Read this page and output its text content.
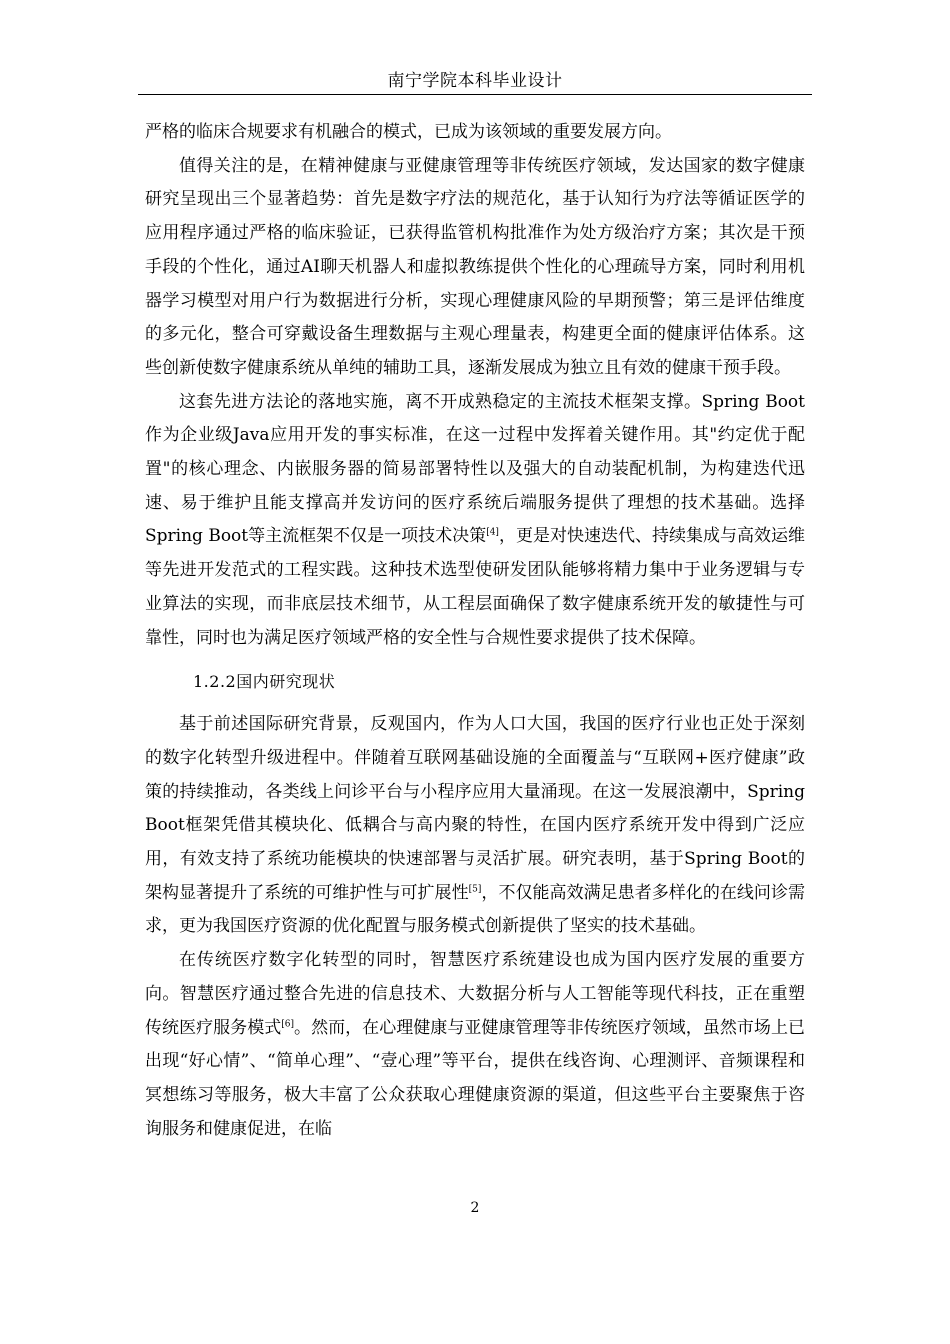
南宁学院本科毕业设计

严格的临床合规要求有机融合的模式，已成为该领域的重要发展方向。

值得关注的是，在精神健康与亚健康管理等非传统医疗领域，发达国家的数字健康研究呈现出三个显著趋势：首先是数字疗法的规范化，基于认知行为疗法等循证医学的应用程序通过严格的临床验证，已获得监管机构批准作为处方级治疗方案；其次是干预手段的个性化，通过AI聊天机器人和虚拟教练提供个性化的心理疏导方案，同时利用机器学习模型对用户行为数据进行分析，实现心理健康风险的早期预警；第三是评估维度的多元化，整合可穿戴设备生理数据与主观心理量表，构建更全面的健康评估体系。这些创新使数字健康系统从单纯的辅助工具，逐渐发展成为独立且有效的健康干预手段。

这套先进方法论的落地实施，离不开成熟稳定的主流技术框架支撑。Spring Boot作为企业级Java应用开发的事实标准，在这一过程中发挥着关键作用。其"约定优于配置"的核心理念、内嵌服务器的简易部署特性以及强大的自动装配机制，为构建迭代迅速、易于维护且能支撑高并发访问的医疗系统后端服务提供了理想的技术基础。选择Spring Boot等主流框架不仅是一项技术决策[4]，更是对快速迭代、持续集成与高效运维等先进开发范式的工程实践。这种技术选型使研发团队能够将精力集中于业务逻辑与专业算法的实现，而非底层技术细节，从工程层面确保了数字健康系统开发的敏捷性与可靠性，同时也为满足医疗领域严格的安全性与合规性要求提供了技术保障。

1.2.2国内研究现状

基于前述国际研究背景，反观国内，作为人口大国，我国的医疗行业也正处于深刻的数字化转型升级进程中。伴随着互联网基础设施的全面覆盖与“互联网+医疗健康”政策的持续推动，各类线上问诊平台与小程序应用大量涌现。在这一发展浪潮中，Spring Boot框架凭借其模块化、低耦合与高内聚的特性，在国内医疗系统开发中得到广泛应用，有效支持了系统功能模块的快速部署与灵活扩展。研究表明，基于Spring Boot的架构显著提升了系统的可维护性与可扩展性[5]，不仅能高效满足患者多样化的在线问诊需求，更为我国医疗资源的优化配置与服务模式创新提供了坚实的技术基础。

在传统医疗数字化转型的同时，智慧医疗系统建设也成为国内医疗发展的重要方向。智慧医疗通过整合先进的信息技术、大数据分析与人工智能等现代科技，正在重塑传统医疗服务模式[6]。然而，在心理健康与亚健康管理等非传统医疗领域，虽然市场上已出现“好心情”、“简单心理”、“壹心理”等平台，提供在线咨询、心理测评、音频课程和冥想练习等服务，极大丰富了公众获取心理健康资源的渠道，但这些平台主要聚焦于咨询服务和健康促进，在临

2
